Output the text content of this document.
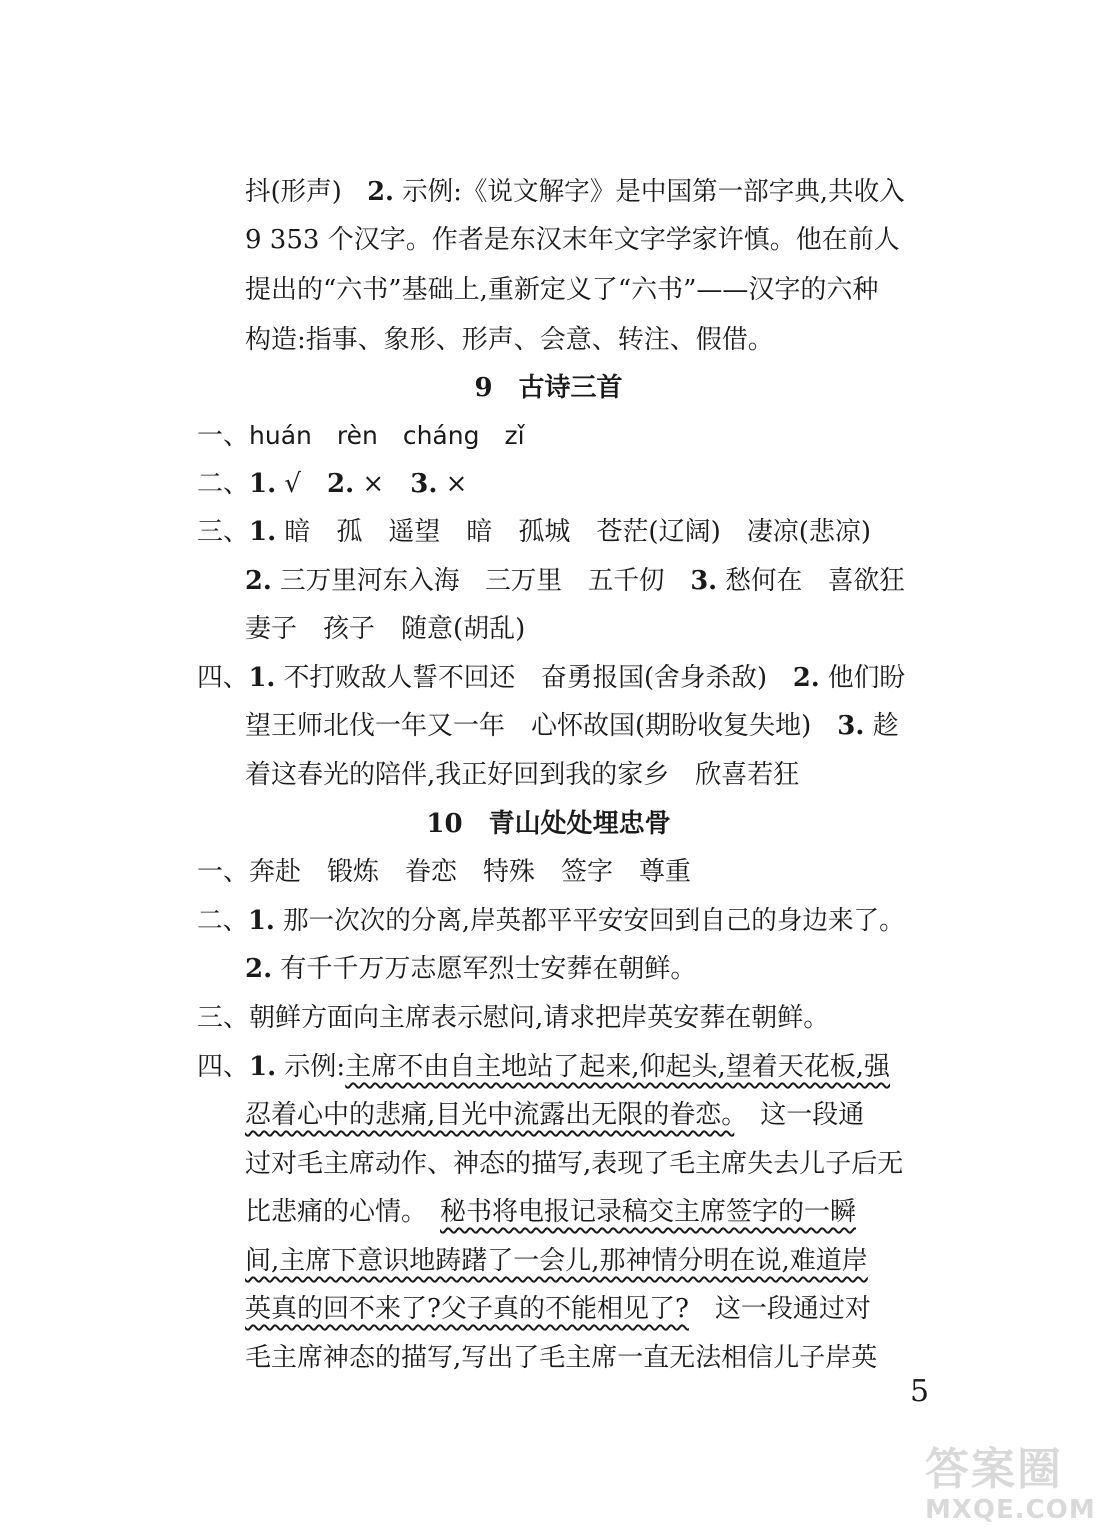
抖(形声)　2. 示例:《说文解字》是中国第一部字典,共收入
9 353 个汉字。作者是东汉末年文字学家许慎。他在前人
提出的“六书”基础上,重新定义了“六书”——汉字的六种
构造:指事、象形、形声、会意、转注、假借。
9　古诗三首
一、huán　rèn　cháng　zǐ
二、1. √　2. ×　3. ×
三、1. 暗　孤　遥望　暗　孤城　苍茫(辽阔)　凄凉(悲凉)
2. 三万里河东入海　三万里　五千仞　3. 愁何在　喜欲狂
妻子　孩子　随意(胡乱)
四、1. 不打败敌人誓不回还　奋勇报国(舍身杀敌)　2. 他们盼
望王师北伐一年又一年　心怀故国(期盼收复失地)　3. 趁
着这春光的陪伴,我正好回到我的家乡　欣喜若狂
10　青山处处埋忠骨
一、奔赴　锻炼　眷恋　特殊　签字　尊重
二、1. 那一次次的分离,岸英都平平安安回到自己的身边来了。
2. 有千千万万志愿军烈士安葬在朝鲜。
三、朝鲜方面向主席表示慰问,请求把岸英安葬在朝鲜。
四、1. 示例:主席不由自主地站了起来,仰起头,望着天花板,强
忍着心中的悲痛,目光中流露出无限的眷恋。　这一段通
过对毛主席动作、神态的描写,表现了毛主席失去儿子后无
比悲痛的心情。　秘书将电报记录稿交主席签字的一瞬
间,主席下意识地踌躇了一会儿,那神情分明在说,难道岸
英真的回不来了?父子真的不能相见了?　这一段通过对
毛主席神态的描写,写出了毛主席一直无法相信儿子岸英
5
答案圈
MXQE.COM
